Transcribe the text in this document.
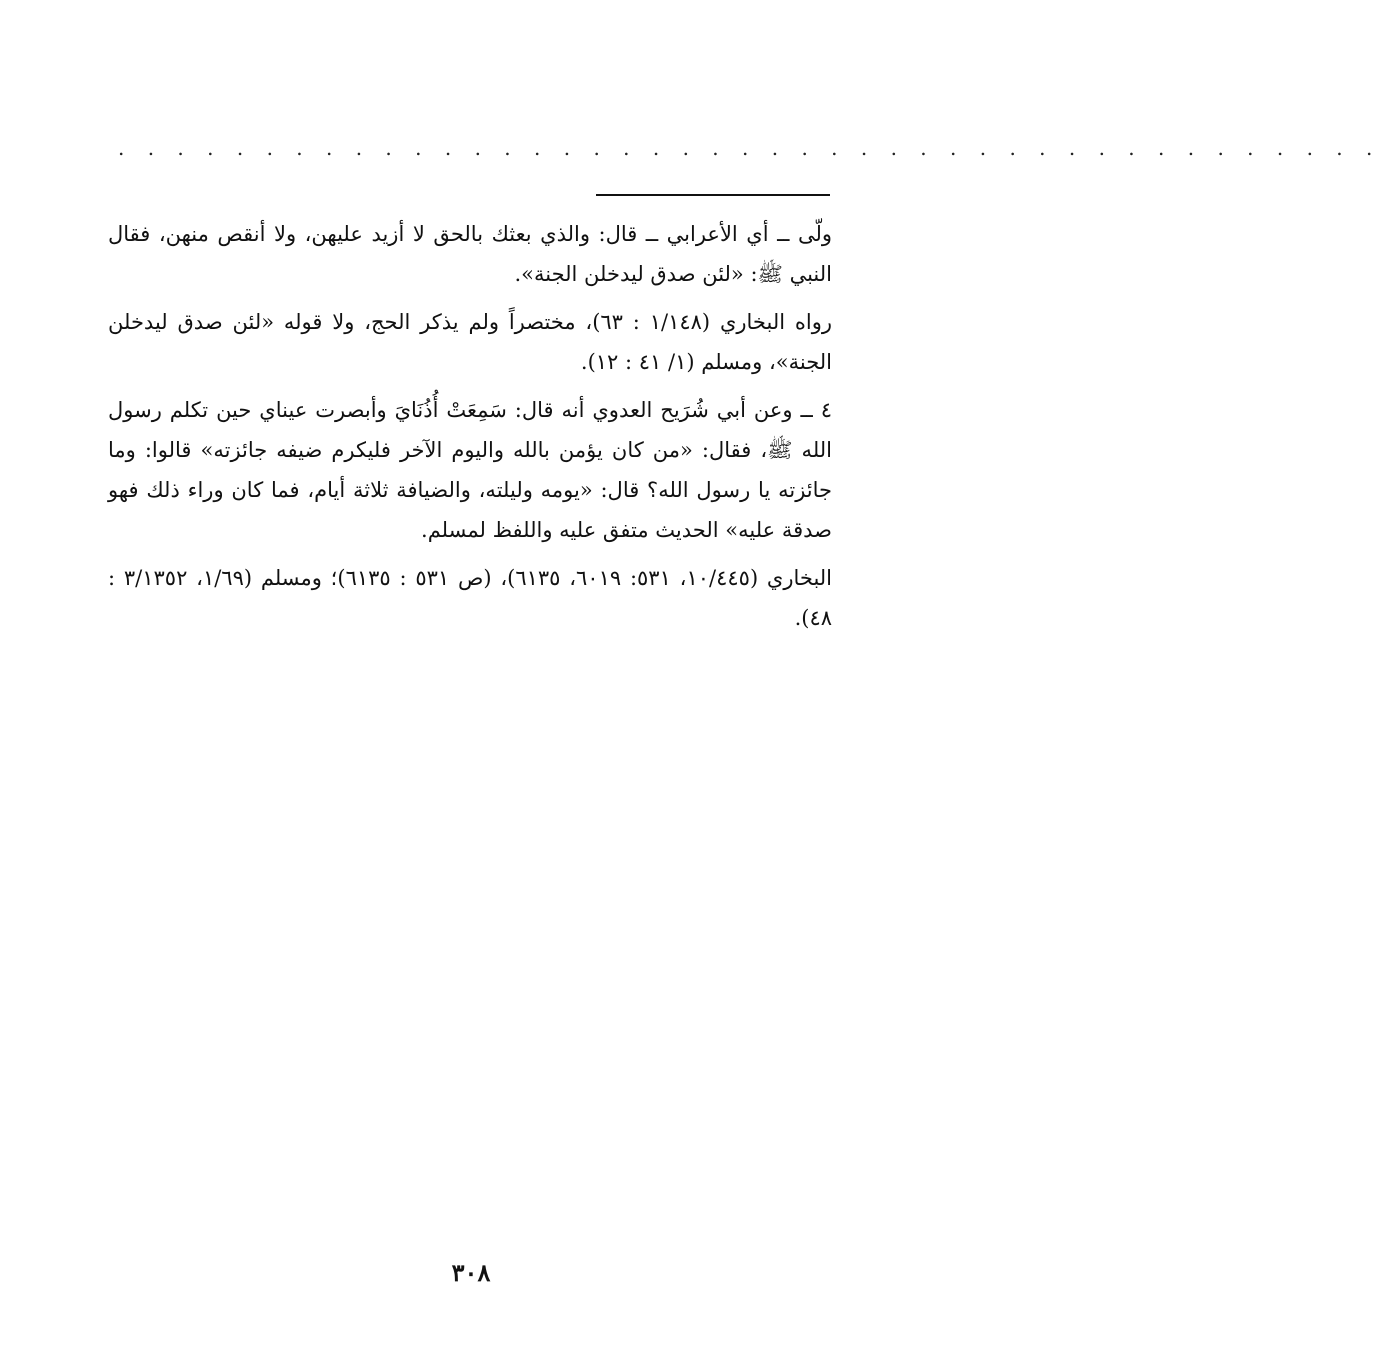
. . . . . . . . . . . . . . . . . . . . . . . . . . . . . . . . . . . . . . . . . . .

ولّى ــ أي الأعرابي ــ قال: والذي بعثك بالحق لا أزيد عليهن، ولا أنقص منهن، فقال النبي ﷺ: «لئن صدق ليدخلن الجنة».

رواه البخاري (١/١٤٨ : ٦٣)، مختصراً ولم يذكر الحج، ولا قوله «لئن صدق ليدخلن الجنة»، ومسلم (١/ ٤١ : ١٢).

٤ ــ وعن أبي شُرَيح العدوي أنه قال: سَمِعَتْ أُذُنَايَ وأبصرت عيناي حين تكلم رسول الله ﷺ، فقال: «من كان يؤمن بالله واليوم الآخر فليكرم ضيفه جائزته» قالوا: وما جائزته يا رسول الله؟ قال: «يومه وليلته، والضيافة ثلاثة أيام، فما كان وراء ذلك فهو صدقة عليه» الحديث متفق عليه واللفظ لمسلم.

البخاري (١٠/٤٤٥، ٥٣١: ٦٠١٩، ٦١٣٥)، (ص ٥٣١ : ٦١٣٥)؛ ومسلم (١/٦٩، ٣/١٣٥٢ : ٤٨).

٣٠٨
